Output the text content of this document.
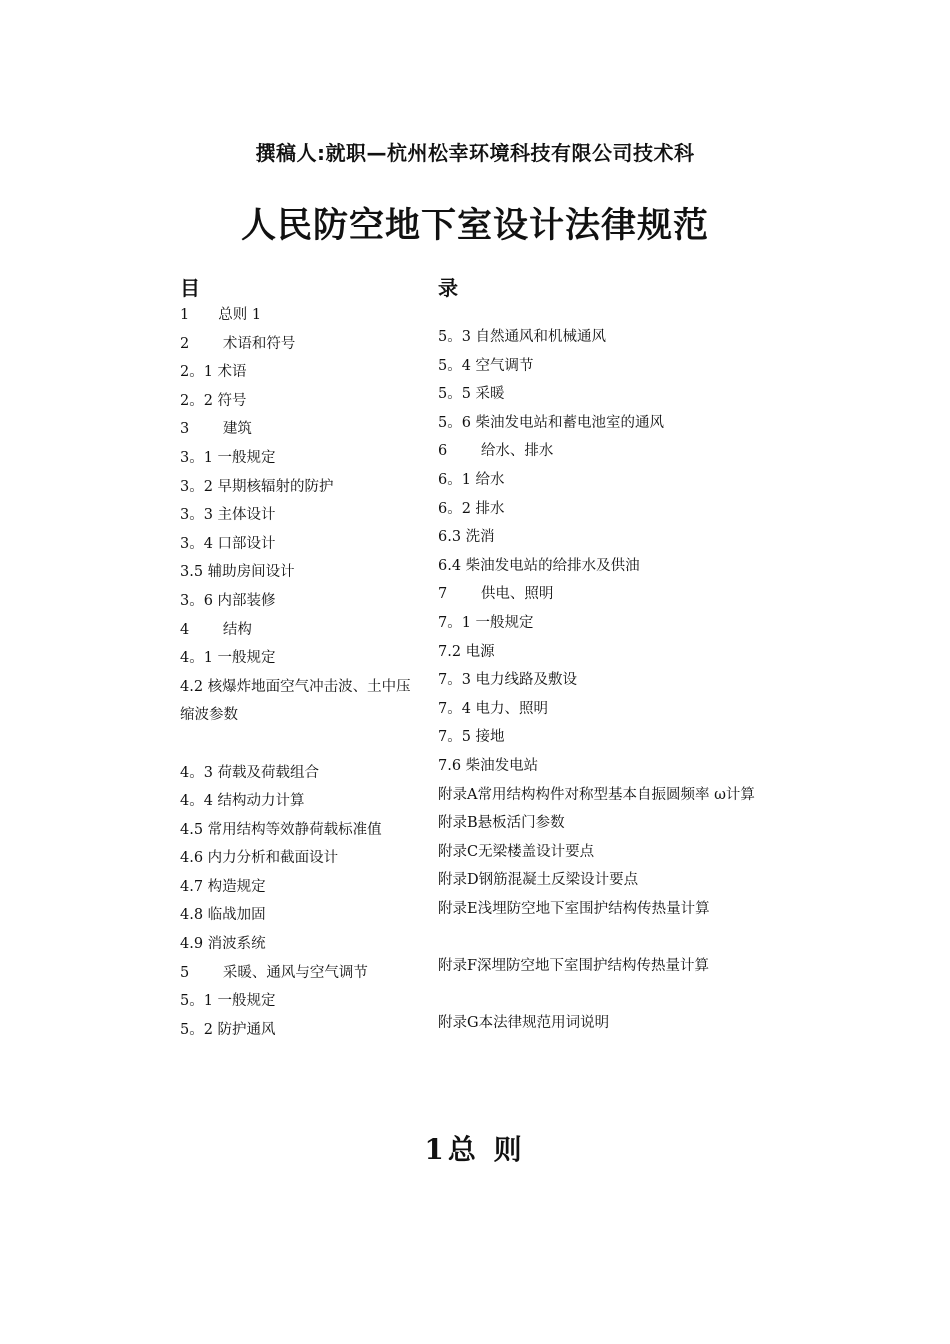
撰稿人:就职—杭州松幸环境科技有限公司技术科
人民防空地下室设计法律规范
目	录
1　　总则 1
2　　 术语和符号
2。1 术语
2。2 符号
3　　 建筑
3。1 一般规定
3。2 早期核辐射的防护
3。3 主体设计
3。4 口部设计
3.5 辅助房间设计
3。6 内部装修
4　　 结构
4。1 一般规定
4.2 核爆炸地面空气冲击波、土中压缩波参数
4。3 荷载及荷载组合
4。4 结构动力计算
4.5 常用结构等效静荷载标准值
4.6 内力分析和截面设计
4.7 构造规定
4.8 临战加固
4.9 消波系统
5　　 采暖、通风与空气调节
5。1 一般规定
5。2 防护通风
5。3 自然通风和机械通风
5。4 空气调节
5。5 采暖
5。6 柴油发电站和蓄电池室的通风
6　　 给水、排水
6。1 给水
6。2 排水
6.3 洗消
6.4 柴油发电站的给排水及供油
7　　 供电、照明
7。1 一般规定
7.2 电源
7。3 电力线路及敷设
7。4 电力、照明
7。5 接地
7.6 柴油发电站
附录A常用结构构件对称型基本自振圆频率 ω计算
附录B悬板活门参数
附录C无梁楼盖设计要点
附录D钢筋混凝土反梁设计要点
附录E浅埋防空地下室围护结构传热量计算
附录F深埋防空地下室围护结构传热量计算
附录G本法律规范用词说明
1总 则
